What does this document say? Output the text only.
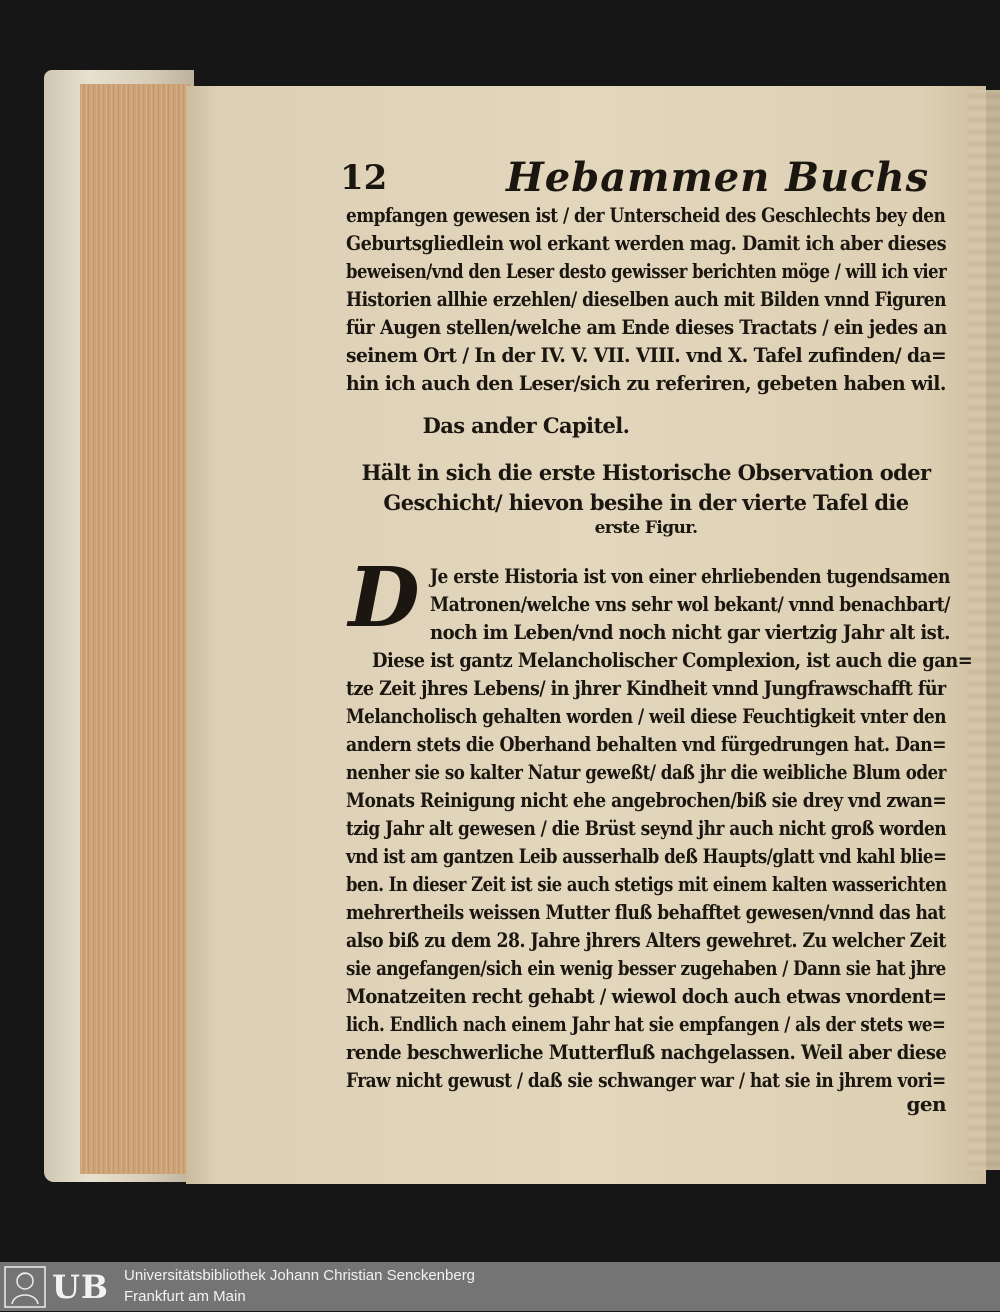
12	Hebammen Buchs
empfangen gewesen ist / der Unterscheid des Geschlechts bey den
Geburtsgliedlein wol erkant werden mag. Damit ich aber dieses
beweisen/vnd den Leser desto gewisser berichten möge / will ich vier
Historien allhie erzehlen/ dieselben auch mit Bilden vnnd Figuren
für Augen stellen/welche am Ende dieses Tractats / ein jedes an
seinem Ort / In der IV. V. VII. VIII. vnd X. Tafel zufinden/ da=
hin ich auch den Leser/sich zu referiren, gebeten haben wil.
Das ander Capitel.
Hält in sich die erste Historische Observation oder
Geschicht/ hievon besihe in der vierte Tafel die
erste Figur.
D Je erste Historia ist von einer ehrliebenden tugendsamen
Matronen/welche vns sehr wol bekant/ vnnd benachbart/
noch im Leben/vnd noch nicht gar viertzig Jahr alt ist.
Diese ist gantz Melancholischer Complexion, ist auch die gan=
tze Zeit jhres Lebens/ in jhrer Kindheit vnnd Jungfrawschafft für
Melancholisch gehalten worden / weil diese Feuchtigkeit vnter den
andern stets die Oberhand behalten vnd fürgedrungen hat. Dan=
nenher sie so kalter Natur geweßt/ daß jhr die weibliche Blum oder
Monats Reinigung nicht ehe angebrochen/biß sie drey vnd zwan=
tzig Jahr alt gewesen / die Brüst seynd jhr auch nicht groß worden
vnd ist am gantzen Leib ausserhalb deß Haupts/glatt vnd kahl blie=
ben. In dieser Zeit ist sie auch stetigs mit einem kalten wasserichten
mehrertheils weissen Mutter fluß behafftet gewesen/vnnd das hat
also biß zu dem 28. Jahre jhrers Alters gewehret. Zu welcher Zeit
sie angefangen/sich ein wenig besser zugehaben / Dann sie hat jhre
Monatzeiten recht gehabt / wiewol doch auch etwas vnordent=
lich. Endlich nach einem Jahr hat sie empfangen / als der stets we=
rende beschwerliche Mutterfluß nachgelassen. Weil aber diese
Fraw nicht gewust / daß sie schwanger war / hat sie in jhrem vori=
gen
UB Universitätsbibliothek Johann Christian Senckenberg
Frankfurt am Main
